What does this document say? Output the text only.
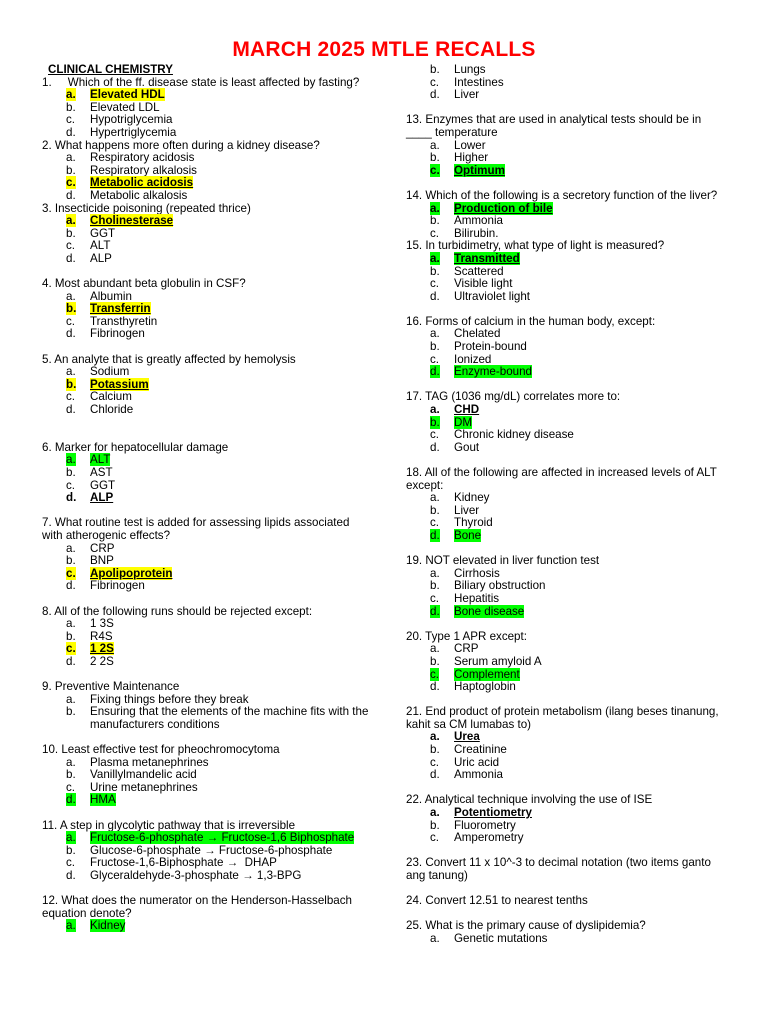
MARCH 2025 MTLE RECALLS
CLINICAL CHEMISTRY
1.     Which of the ff. disease state is least affected by fasting?
a.	Elevated HDL
b.	Elevated LDL
c.	Hypotriglycemia
d.	Hypertriglycemia
2. What happens more often during a kidney disease?
a.	Respiratory acidosis
b.	Respiratory alkalosis
c.	Metabolic acidosis
d.	Metabolic alkalosis
3. Insecticide poisoning (repeated thrice)
a.	Cholinesterase
b.	GGT
c.	ALT
d.	ALP
4. Most abundant beta globulin in CSF?
a.	Albumin
b.	Transferrin
c.	Transthyretin
d.	Fibrinogen
5. An analyte that is greatly affected by hemolysis
a.	Sodium
b.	Potassium
c.	Calcium
d.	Chloride
6. Marker for hepatocellular damage
a.	ALT
b.	AST
c.	GGT
d.	ALP
7. What routine test is added for assessing lipids associated with atherogenic effects?
a.	CRP
b.	BNP
c.	Apolipoprotein
d.	Fibrinogen
8. All of the following runs should be rejected except:
a.	1 3S
b.	R4S
c.	1 2S
d.	2 2S
9. Preventive Maintenance
a.	Fixing things before they break
b.	Ensuring that the elements of the machine fits with the manufacturers conditions
10. Least effective test for pheochromocytoma
a.	Plasma metanephrines
b.	Vanillylmandelic acid
c.	Urine metanephrines
d.	HMA
11. A step in glycolytic pathway that is irreversible
a.	Fructose-6-phosphate → Fructose-1,6 Biphosphate
b.	Glucose-6-phosphate → Fructose-6-phosphate
c.	Fructose-1,6-Biphosphate →  DHAP
d.	Glyceraldehyde-3-phosphate → 1,3-BPG
12. What does the numerator on the Henderson-Hasselbach equation denote?
a.	Kidney
b.	Lungs
c.	Intestines
d.	Liver
13. Enzymes that are used in analytical tests should be in ____ temperature
a.	Lower
b.	Higher
c.	Optimum
14. Which of the following is a secretory function of the liver?
a.	Production of bile
b.	Ammonia
c.	Bilirubin.
15. In turbidimetry, what type of light is measured?
a.	Transmitted
b.	Scattered
c.	Visible light
d.	Ultraviolet light
16. Forms of calcium in the human body, except:
a.	Chelated
b.	Protein-bound
c.	Ionized
d.	Enzyme-bound
17. TAG (1036 mg/dL) correlates more to:
a.	CHD
b.	DM
c.	Chronic kidney disease
d.	Gout
18. All of the following are affected in increased levels of ALT except:
a.	Kidney
b.	Liver
c.	Thyroid
d.	Bone
19. NOT elevated in liver function test
a.	Cirrhosis
b.	Biliary obstruction
c.	Hepatitis
d.	Bone disease
20. Type 1 APR except:
a.	CRP
b.	Serum amyloid A
c.	Complement
d.	Haptoglobin
21. End product of protein metabolism (ilang beses tinanung, kahit sa CM lumabas to)
a.	Urea
b.	Creatinine
c.	Uric acid
d.	Ammonia
22. Analytical technique involving the use of ISE
a.	Potentiometry
b.	Fluorometry
c.	Amperometry
23. Convert 11 x 10^-3 to decimal notation (two items ganto ang tanung)
24. Convert 12.51 to nearest tenths
25. What is the primary cause of dyslipidemia?
a.	Genetic mutations
